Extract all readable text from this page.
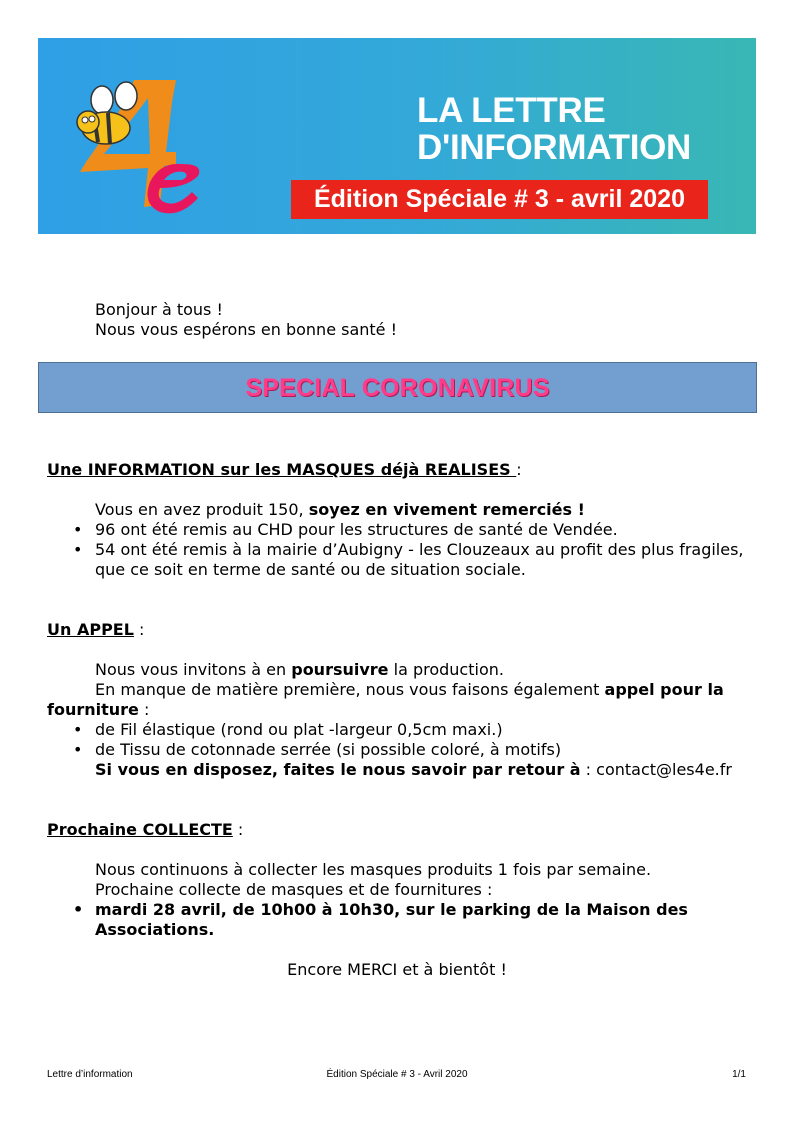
4e
LA LETTRE
D'INFORMATION
Édition Spéciale # 3 - avril 2020
Bonjour à tous !
Nous vous espérons en bonne santé !
SPECIAL CORONAVIRUS

Une INFORMATION sur les MASQUES déjà REALISES :

Vous en avez produit 150, soyez en vivement remerciés !
• 96 ont été remis au CHD pour les structures de santé de Vendée.
• 54 ont été remis à la mairie d’Aubigny - les Clouzeaux au profit des plus fragiles, que ce soit en terme de santé ou de situation sociale.

Un APPEL :

Nous vous invitons à en poursuivre la production.
En manque de matière première, nous vous faisons également appel pour la fourniture :
• de Fil élastique (rond ou plat -largeur 0,5cm maxi.)
• de Tissu de cotonnade serrée (si possible coloré, à motifs)
Si vous en disposez, faites le nous savoir par retour à : contact@les4e.fr

Prochaine COLLECTE :

Nous continuons à collecter les masques produits 1 fois par semaine.
Prochaine collecte de masques et de fournitures :
• mardi 28 avril, de 10h00 à 10h30, sur le parking de la Maison des Associations.
Encore MERCI et à bientôt !
Lettre d’information	Édition Spéciale # 3 - Avril 2020	1/1
